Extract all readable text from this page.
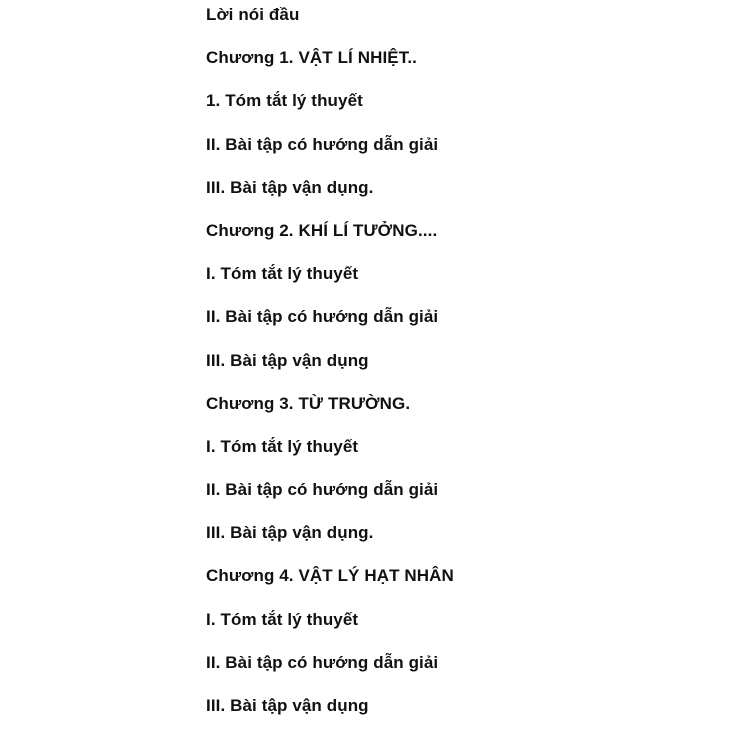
Lời nói đầu
Chương 1. VẬT LÍ NHIỆT..
1. Tóm tắt lý thuyết
II. Bài tập có hướng dẫn giải
III. Bài tập vận dụng.
Chương 2. KHÍ LÍ TƯỞNG....
I. Tóm tắt lý thuyết
II. Bài tập có hướng dẫn giải
III. Bài tập vận dụng
Chương 3. TỪ TRƯỜNG.
I. Tóm tắt lý thuyết
II. Bài tập có hướng dẫn giải
III. Bài tập vận dụng.
Chương 4. VẬT LÝ HẠT NHÂN
I. Tóm tắt lý thuyết
II. Bài tập có hướng dẫn giải
III. Bài tập vận dụng
